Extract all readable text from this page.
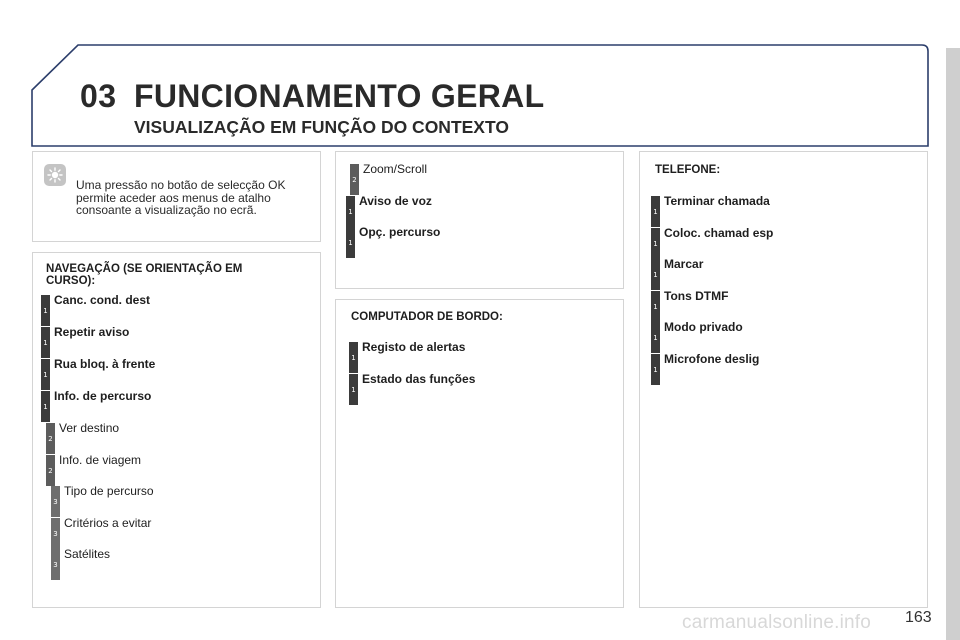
03 FUNCIONAMENTO GERAL
VISUALIZAÇÃO EM FUNÇÃO DO CONTEXTO
Uma pressão no botão de selecção OK
permite aceder aos menus de atalho
consoante a visualização no ecrã.
NAVEGAÇÃO (SE ORIENTAÇÃO EM
CURSO):
1
Canc. cond. dest
1
Repetir aviso
1
Rua bloq. à frente
1
Info. de percurso
2
Ver destino
2
Info. de viagem
3
Tipo de percurso
3
Critérios a evitar
3
Satélites
2
Zoom/Scroll
1
Aviso de voz
1
Opç. percurso
COMPUTADOR DE BORDO:
1
Registo de alertas
1
Estado das funções
TELEFONE:
1
Terminar chamada
1
Coloc. chamad esp
1
Marcar
1
Tons DTMF
1
Modo privado
1
Microfone deslig
carmanualsonline.info 163
